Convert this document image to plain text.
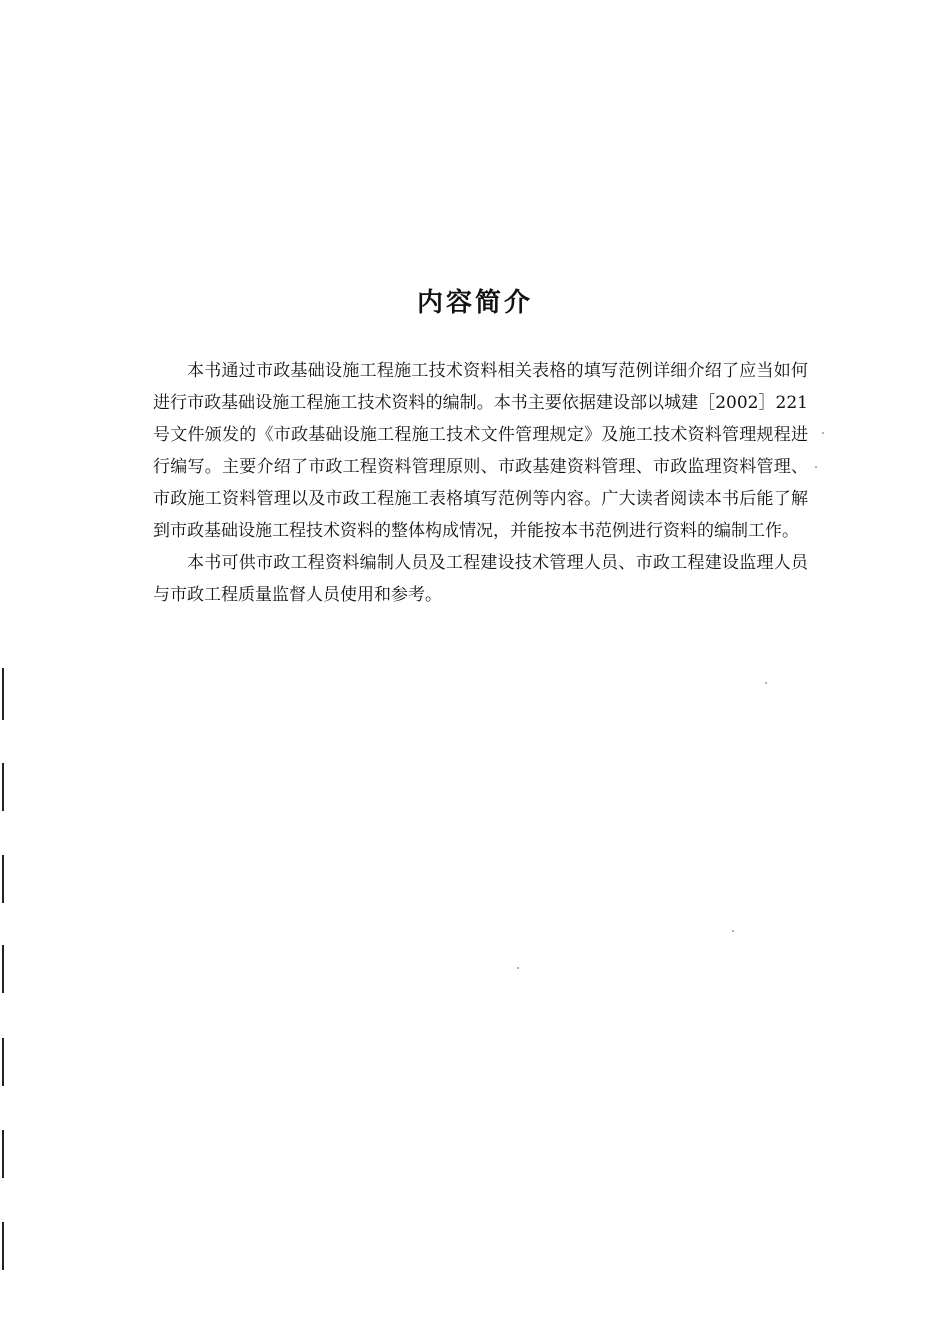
内容简介

本书通过市政基础设施工程施工技术资料相关表格的填写范例详细介绍了应当如何进行市政基础设施工程施工技术资料的编制。本书主要依据建设部以城建［2002］221号文件颁发的《市政基础设施工程施工技术文件管理规定》及施工技术资料管理规程进行编写。主要介绍了市政工程资料管理原则、市政基建资料管理、市政监理资料管理、市政施工资料管理以及市政工程施工表格填写范例等内容。广大读者阅读本书后能了解到市政基础设施工程技术资料的整体构成情况，并能按本书范例进行资料的编制工作。

本书可供市政工程资料编制人员及工程建设技术管理人员、市政工程建设监理人员与市政工程质量监督人员使用和参考。
